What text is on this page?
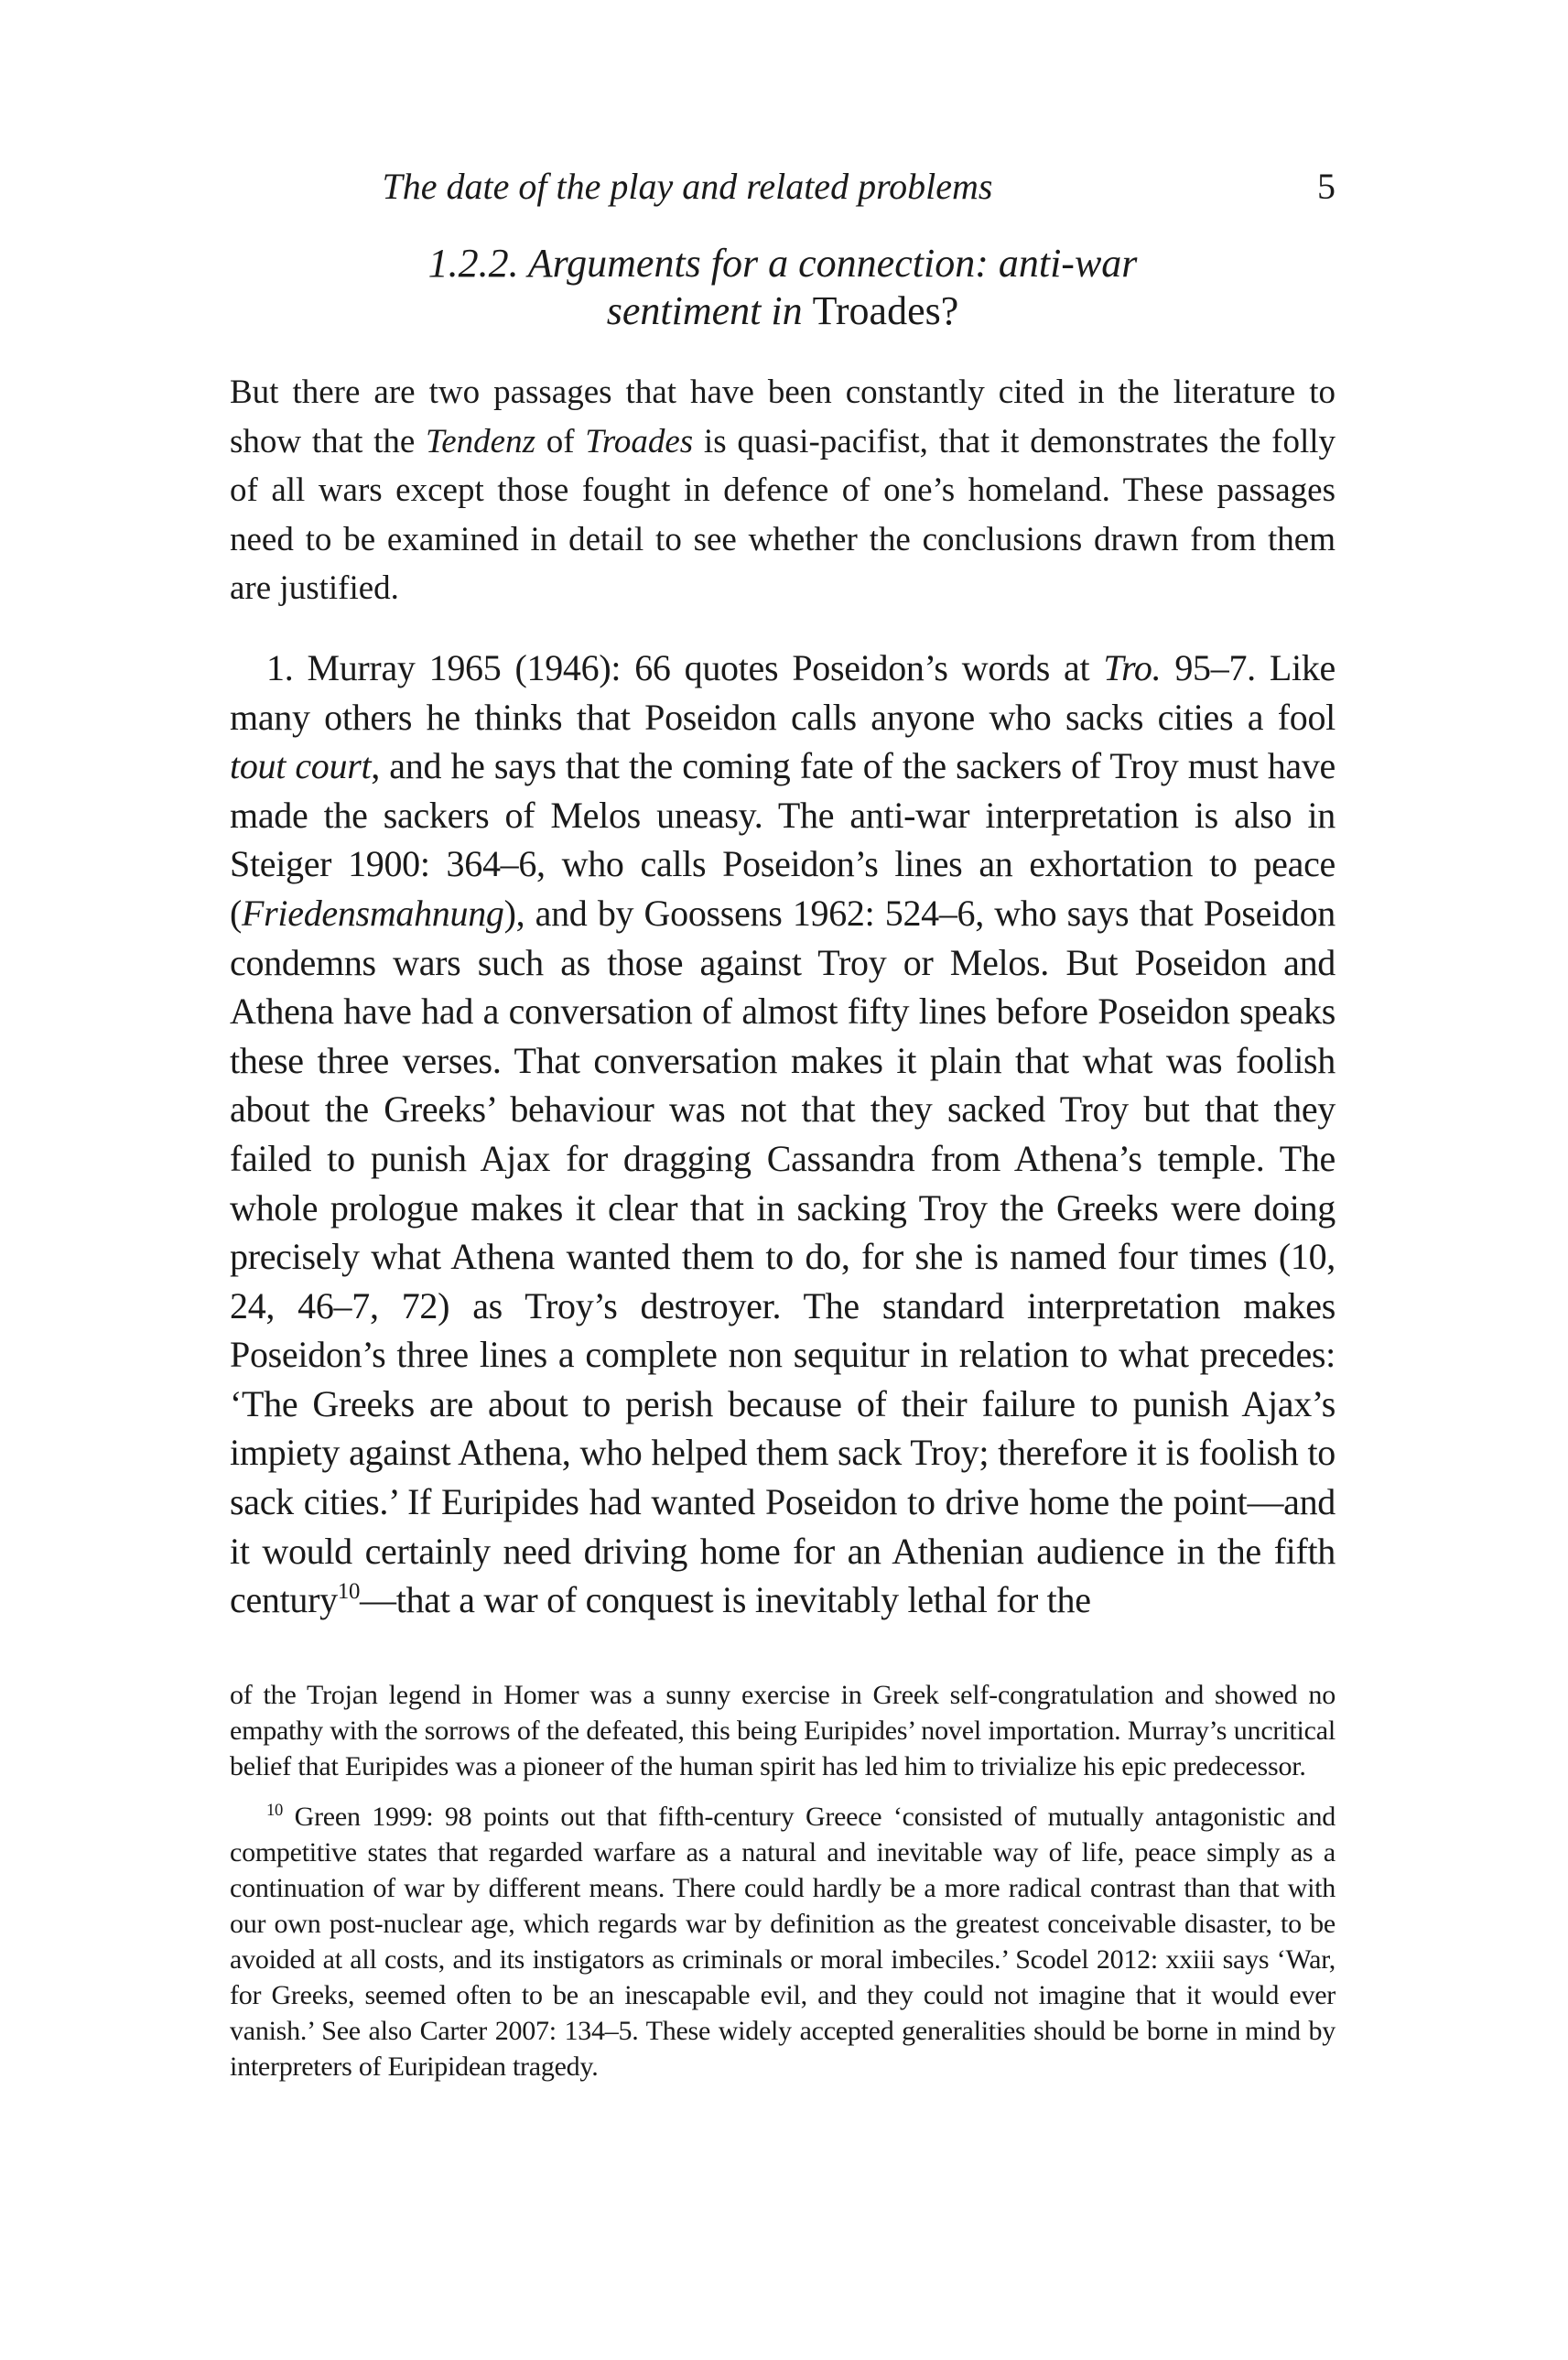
The date of the play and related problems	5
1.2.2. Arguments for a connection: anti-war
sentiment in Troades?

But there are two passages that have been constantly cited in the literature to show that the Tendenz of Troades is quasi-pacifist, that it demonstrates the folly of all wars except those fought in defence of one’s homeland. These passages need to be examined in detail to see whether the conclusions drawn from them are justified.

1. Murray 1965 (1946): 66 quotes Poseidon’s words at Tro. 95–7. Like many others he thinks that Poseidon calls anyone who sacks cities a fool tout court, and he says that the coming fate of the sackers of Troy must have made the sackers of Melos uneasy. The anti-war interpretation is also in Steiger 1900: 364–6, who calls Poseidon’s lines an exhortation to peace (Friedensmahnung), and by Goossens 1962: 524–6, who says that Poseidon condemns wars such as those against Troy or Melos. But Poseidon and Athena have had a conversation of almost fifty lines before Poseidon speaks these three verses. That conversation makes it plain that what was foolish about the Greeks’ behaviour was not that they sacked Troy but that they failed to punish Ajax for dragging Cassandra from Athena’s temple. The whole prologue makes it clear that in sacking Troy the Greeks were doing precisely what Athena wanted them to do, for she is named four times (10, 24, 46–7, 72) as Troy’s destroyer. The standard interpretation makes Poseidon’s three lines a complete non sequitur in relation to what precedes: ‘The Greeks are about to perish because of their failure to punish Ajax’s impiety against Athena, who helped them sack Troy; therefore it is foolish to sack cities.’ If Euripides had wanted Poseidon to drive home the point—and it would certainly need driving home for an Athenian audience in the fifth century$^{10}$—that a war of conquest is inevitably lethal for the

of the Trojan legend in Homer was a sunny exercise in Greek self-congratulation and showed no empathy with the sorrows of the defeated, this being Euripides’ novel importation. Murray’s uncritical belief that Euripides was a pioneer of the human spirit has led him to trivialize his epic predecessor.

$^{10}$ Green 1999: 98 points out that fifth-century Greece ‘consisted of mutually antagonistic and competitive states that regarded warfare as a natural and inevitable way of life, peace simply as a continuation of war by different means. There could hardly be a more radical contrast than that with our own post-nuclear age, which regards war by definition as the greatest conceivable disaster, to be avoided at all costs, and its instigators as criminals or moral imbeciles.’ Scodel 2012: xxiii says ‘War, for Greeks, seemed often to be an inescapable evil, and they could not imagine that it would ever vanish.’ See also Carter 2007: 134–5. These widely accepted generalities should be borne in mind by interpreters of Euripidean tragedy.
